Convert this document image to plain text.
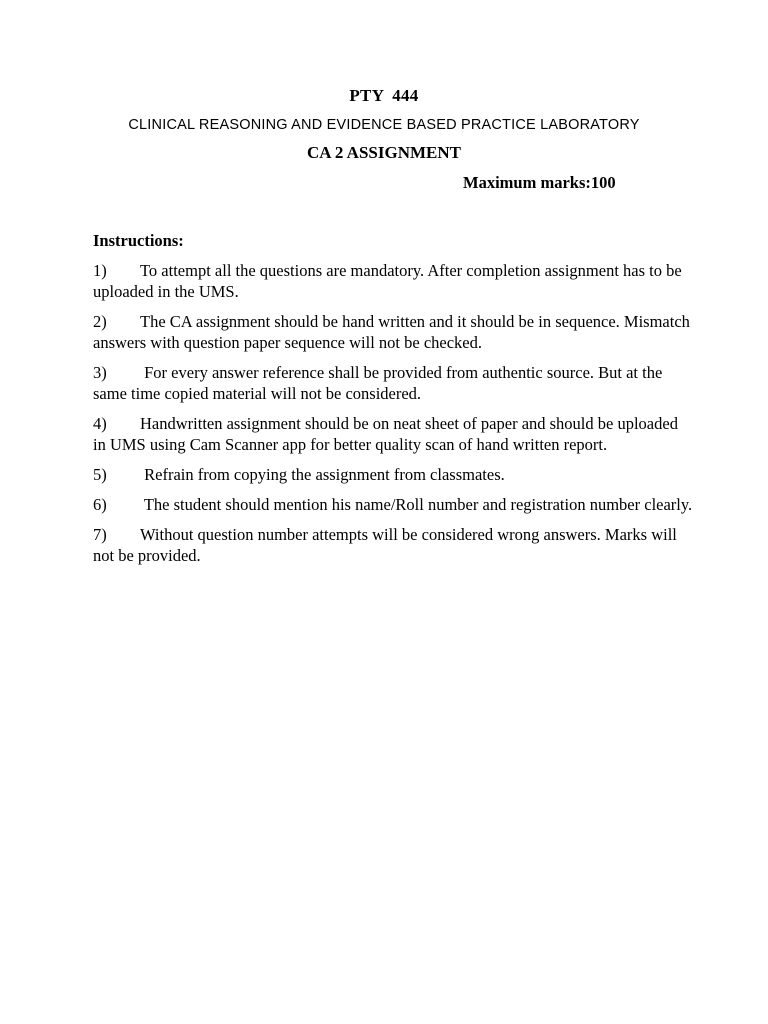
PTY 444
CLINICAL REASONING AND EVIDENCE BASED PRACTICE LABORATORY
CA 2 ASSIGNMENT
Maximum marks:100
Instructions:
1) To attempt all the questions are mandatory. After completion assignment has to be uploaded in the UMS.
2) The CA assignment should be hand written and it should be in sequence. Mismatch answers with question paper sequence will not be checked.
3) For every answer reference shall be provided from authentic source. But at the same time copied material will not be considered.
4) Handwritten assignment should be on neat sheet of paper and should be uploaded in UMS using Cam Scanner app for better quality scan of hand written report.
5) Refrain from copying the assignment from classmates.
6) The student should mention his name/Roll number and registration number clearly.
7) Without question number attempts will be considered wrong answers. Marks will not be provided.
